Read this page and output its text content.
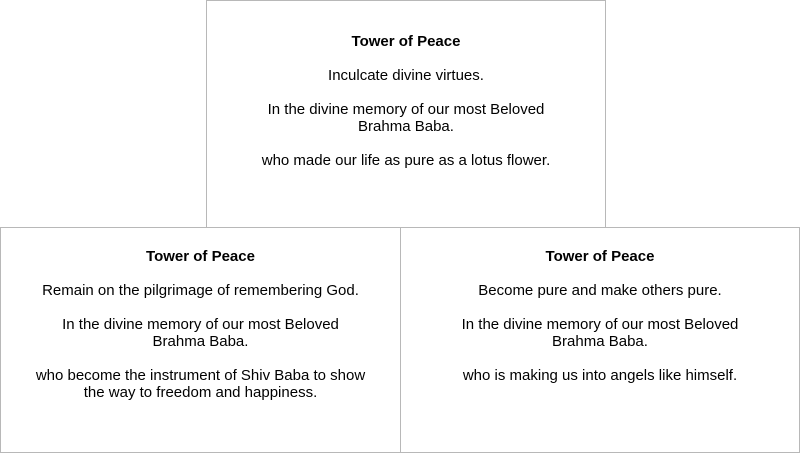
Tower of Peace
Inculcate divine virtues.
In the divine memory of our most Beloved Brahma Baba.
who made our life as pure as a lotus flower.
Tower of Peace
Remain on the pilgrimage of remembering God.
In the divine memory of our most Beloved Brahma Baba.
who become the instrument of Shiv Baba to show the way to freedom and happiness.
Tower of Peace
Become pure and make others pure.
In the divine memory of our most Beloved Brahma Baba.
who is making us into angels like himself.
